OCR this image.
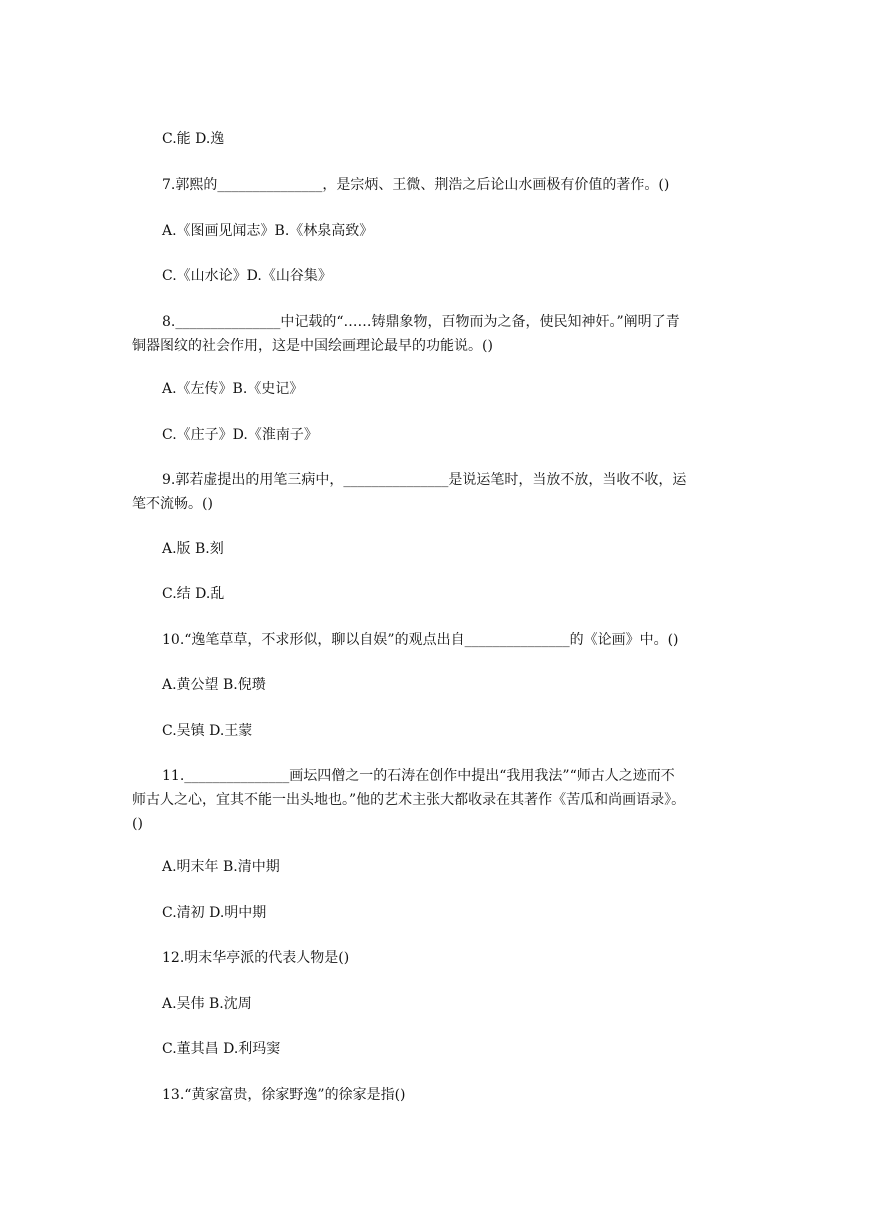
C.能 D.逸
7.郭熙的_______________，是宗炳、王微、荆浩之后论山水画极有价值的著作。()
A.《图画见闻志》B.《林泉高致》
C.《山水论》D.《山谷集》
8._______________中记载的“……铸鼎象物，百物而为之备，使民知神奸。”阐明了青
铜器图纹的社会作用，这是中国绘画理论最早的功能说。()
A.《左传》B.《史记》
C.《庄子》D.《淮南子》
9.郭若虚提出的用笔三病中，_______________是说运笔时，当放不放，当收不收，运
笔不流畅。()
A.版 B.刻
C.结 D.乱
10.“逸笔草草，不求形似，聊以自娱”的观点出自_______________的《论画》中。()
A.黄公望 B.倪瓒
C.吴镇 D.王蒙
11._______________画坛四僧之一的石涛在创作中提出“我用我法”“师古人之迹而不
师古人之心，宜其不能一出头地也。”他的艺术主张大都收录在其著作《苦瓜和尚画语录》。
()
A.明末年 B.清中期
C.清初 D.明中期
12.明末华亭派的代表人物是()
A.吴伟 B.沈周
C.董其昌 D.利玛窦
13.“黄家富贵，徐家野逸”的徐家是指()
